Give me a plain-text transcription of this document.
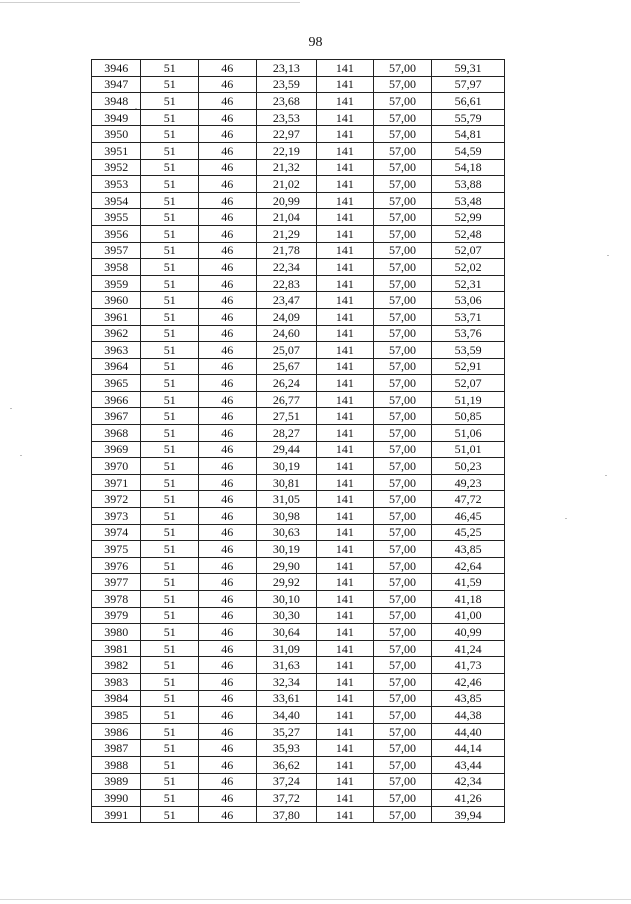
98
3946	51	46	23,13	141	57,00	59,31
3947	51	46	23,59	141	57,00	57,97
3948	51	46	23,68	141	57,00	56,61
3949	51	46	23,53	141	57,00	55,79
3950	51	46	22,97	141	57,00	54,81
3951	51	46	22,19	141	57,00	54,59
3952	51	46	21,32	141	57,00	54,18
3953	51	46	21,02	141	57,00	53,88
3954	51	46	20,99	141	57,00	53,48
3955	51	46	21,04	141	57,00	52,99
3956	51	46	21,29	141	57,00	52,48
3957	51	46	21,78	141	57,00	52,07
3958	51	46	22,34	141	57,00	52,02
3959	51	46	22,83	141	57,00	52,31
3960	51	46	23,47	141	57,00	53,06
3961	51	46	24,09	141	57,00	53,71
3962	51	46	24,60	141	57,00	53,76
3963	51	46	25,07	141	57,00	53,59
3964	51	46	25,67	141	57,00	52,91
3965	51	46	26,24	141	57,00	52,07
3966	51	46	26,77	141	57,00	51,19
3967	51	46	27,51	141	57,00	50,85
3968	51	46	28,27	141	57,00	51,06
3969	51	46	29,44	141	57,00	51,01
3970	51	46	30,19	141	57,00	50,23
3971	51	46	30,81	141	57,00	49,23
3972	51	46	31,05	141	57,00	47,72
3973	51	46	30,98	141	57,00	46,45
3974	51	46	30,63	141	57,00	45,25
3975	51	46	30,19	141	57,00	43,85
3976	51	46	29,90	141	57,00	42,64
3977	51	46	29,92	141	57,00	41,59
3978	51	46	30,10	141	57,00	41,18
3979	51	46	30,30	141	57,00	41,00
3980	51	46	30,64	141	57,00	40,99
3981	51	46	31,09	141	57,00	41,24
3982	51	46	31,63	141	57,00	41,73
3983	51	46	32,34	141	57,00	42,46
3984	51	46	33,61	141	57,00	43,85
3985	51	46	34,40	141	57,00	44,38
3986	51	46	35,27	141	57,00	44,40
3987	51	46	35,93	141	57,00	44,14
3988	51	46	36,62	141	57,00	43,44
3989	51	46	37,24	141	57,00	42,34
3990	51	46	37,72	141	57,00	41,26
3991	51	46	37,80	141	57,00	39,94
